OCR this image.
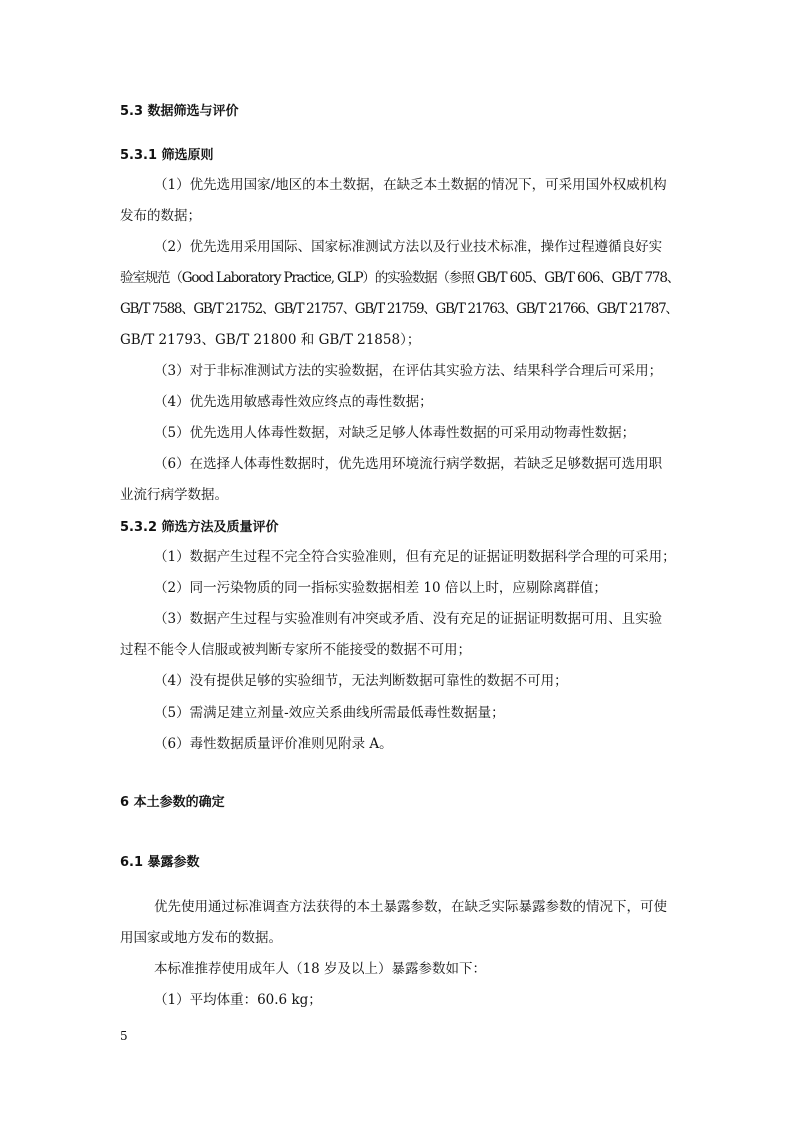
5.3 数据筛选与评价
5.3.1 筛选原则
（1）优先选用国家/地区的本土数据，在缺乏本土数据的情况下，可采用国外权威机构
发布的数据；
（2）优先选用采用国际、国家标准测试方法以及行业技术标准，操作过程遵循良好实
验室规范（Good Laboratory Practice, GLP）的实验数据（参照 GB/T 605、GB/T 606、GB/T 778、
GB/T 7588、GB/T 21752、GB/T 21757、GB/T 21759、GB/T 21763、GB/T 21766、GB/T 21787、
GB/T 21793、GB/T 21800 和 GB/T 21858）；
（3）对于非标准测试方法的实验数据，在评估其实验方法、结果科学合理后可采用；
（4）优先选用敏感毒性效应终点的毒性数据；
（5）优先选用人体毒性数据，对缺乏足够人体毒性数据的可采用动物毒性数据；
（6）在选择人体毒性数据时，优先选用环境流行病学数据，若缺乏足够数据可选用职
业流行病学数据。
5.3.2 筛选方法及质量评价
（1）数据产生过程不完全符合实验准则，但有充足的证据证明数据科学合理的可采用；
（2）同一污染物质的同一指标实验数据相差 10 倍以上时，应剔除离群值；
（3）数据产生过程与实验准则有冲突或矛盾、没有充足的证据证明数据可用、且实验
过程不能令人信服或被判断专家所不能接受的数据不可用；
（4）没有提供足够的实验细节，无法判断数据可靠性的数据不可用；
（5）需满足建立剂量-效应关系曲线所需最低毒性数据量；
（6）毒性数据质量评价准则见附录 A。
6 本土参数的确定
6.1 暴露参数
优先使用通过标准调查方法获得的本土暴露参数，在缺乏实际暴露参数的情况下，可使
用国家或地方发布的数据。
本标准推荐使用成年人（18 岁及以上）暴露参数如下：
（1）平均体重：60.6 kg；
5
